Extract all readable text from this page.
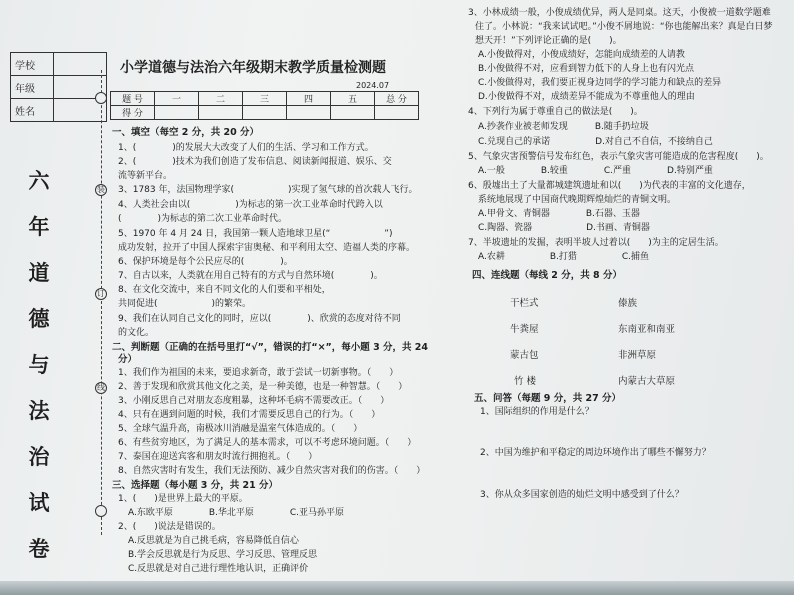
学校	
年级	
姓名	
六
年
道
德
与
法
治
试
卷
装
订
线
小学道德与法治六年级期末教学质量检测题
2024.07
题 号	一	二	三	四	五	总 分
得 分						
一、填空（每空 2 分，共 20 分）
1、(　　　　)的发展大大改变了人们的生活、学习和工作方式。
2、(　　　　)技术为我们创造了发布信息、阅读新闻报道、娱乐、交
流等新平台。
3、1783 年，法国物理学家(　　　　　　)实现了氢气球的首次载人飞行。
4、人类社会由以(　　　　　)为标志的第一次工业革命时代跨入以
(　　　　)为标志的第二次工业革命时代。
5、1970 年 4 月 24 日，我国第一颗人造地球卫星(“　　　　　　”)
成功发射，拉开了中国人探索宇宙奥秘、和平利用太空、造福人类的序幕。
6、保护环境是每个公民应尽的(　　　　)。
7、自古以来，人类就在用自己特有的方式与自然环境(　　　　)。
8、在文化交流中，来自不同文化的人们要和平相处，
共同促进(　　　　　　)的繁荣。
9、我们在认同自己文化的同时，应以(　　　　)、欣赏的态度对待不同
的文化。
二、判断题（正确的在括号里打“√”，错误的打“×”，每小题 3 分，共 24
分）
1、我们作为祖国的未来，要追求新奇，敢于尝试一切新事物。（　　）
2、善于发现和欣赏其他文化之美，是一种美德，也是一种智慧。（　　）
3、小刚反思自己对朋友态度粗暴，这种坏毛病不需要改正。（　　）
4、只有在遇到问题的时候，我们才需要反思自己的行为。（　　）
5、全球气温升高，南极冰川消融是温室气体造成的。（　　）
6、有些贫穷地区，为了满足人的基本需求，可以不考虑环境问题。（　　）
7、泰国在迎送宾客和朋友时流行拥抱礼。（　　）
8、自然灾害时有发生，我们无法预防、减少自然灾害对我们的伤害。（　　）
三、选择题（每小题 3 分，共 21 分）
1、(　　)是世界上最大的平原。
A.东欧平原　　　　B.华北平原　　　　C.亚马孙平原
2、(　　)说法是错误的。
A.反思就是为自己挑毛病，容易降低自信心
B.学会反思就是行为反思、学习反思、管理反思
C.反思就是对自己进行理性地认识，正确评价
3、小林成绩一般，小俊成绩优异，两人是同桌。这天，小俊被一道数学题难
住了。小林说：“我来试试吧。”小俊不屑地说：“你也能解出来？真是白日梦
想天开！”下列评论正确的是(　　)。
A.小俊做得对，小俊成绩好，怎能向成绩差的人请教
B.小俊做得不对，应看到智力低下的人身上也有闪光点
C.小俊做得对，我们要正视身边同学的学习能力和缺点的差异
D.小俊做得不对，成绩差异不能成为不尊重他人的理由
4、下列行为属于尊重自己的做法是(　　)。
A.抄袭作业被老师发现　　　B.随手扔垃圾
C.兑现自己的承诺　　　　　D.对自己不自信，不接纳自己
5、气象灾害预警信号发布红色，表示气象灾害可能造成的危害程度(　　)。
A.一般　　　　B.较重　　　　C.严重　　　　D.特别严重
6、殷墟出土了大量都城建筑遗址和以(　　)为代表的丰富的文化遗存，
系统地展现了中国商代晚期辉煌灿烂的青铜文明。
A.甲骨文、青铜器　　　　B.石器、玉器
C.陶器、瓷器　　　　　　D.书画、青铜器
7、半坡遗址的发掘，表明半坡人过着以(　　)为主的定居生活。
A.农耕　　　　　B.打猎　　　　　C.捕鱼
四、连线题（每线 2 分，共 8 分）
干栏式	傣族
牛粪屋	东南亚和南亚
蒙古包	非洲草原
竹 楼	内蒙古大草原
五、问答（每题 9 分，共 27 分）
1、国际组织的作用是什么？
2、中国为维护和平稳定的周边环境作出了哪些不懈努力？
3、你从众多国家创造的灿烂文明中感受到了什么？
